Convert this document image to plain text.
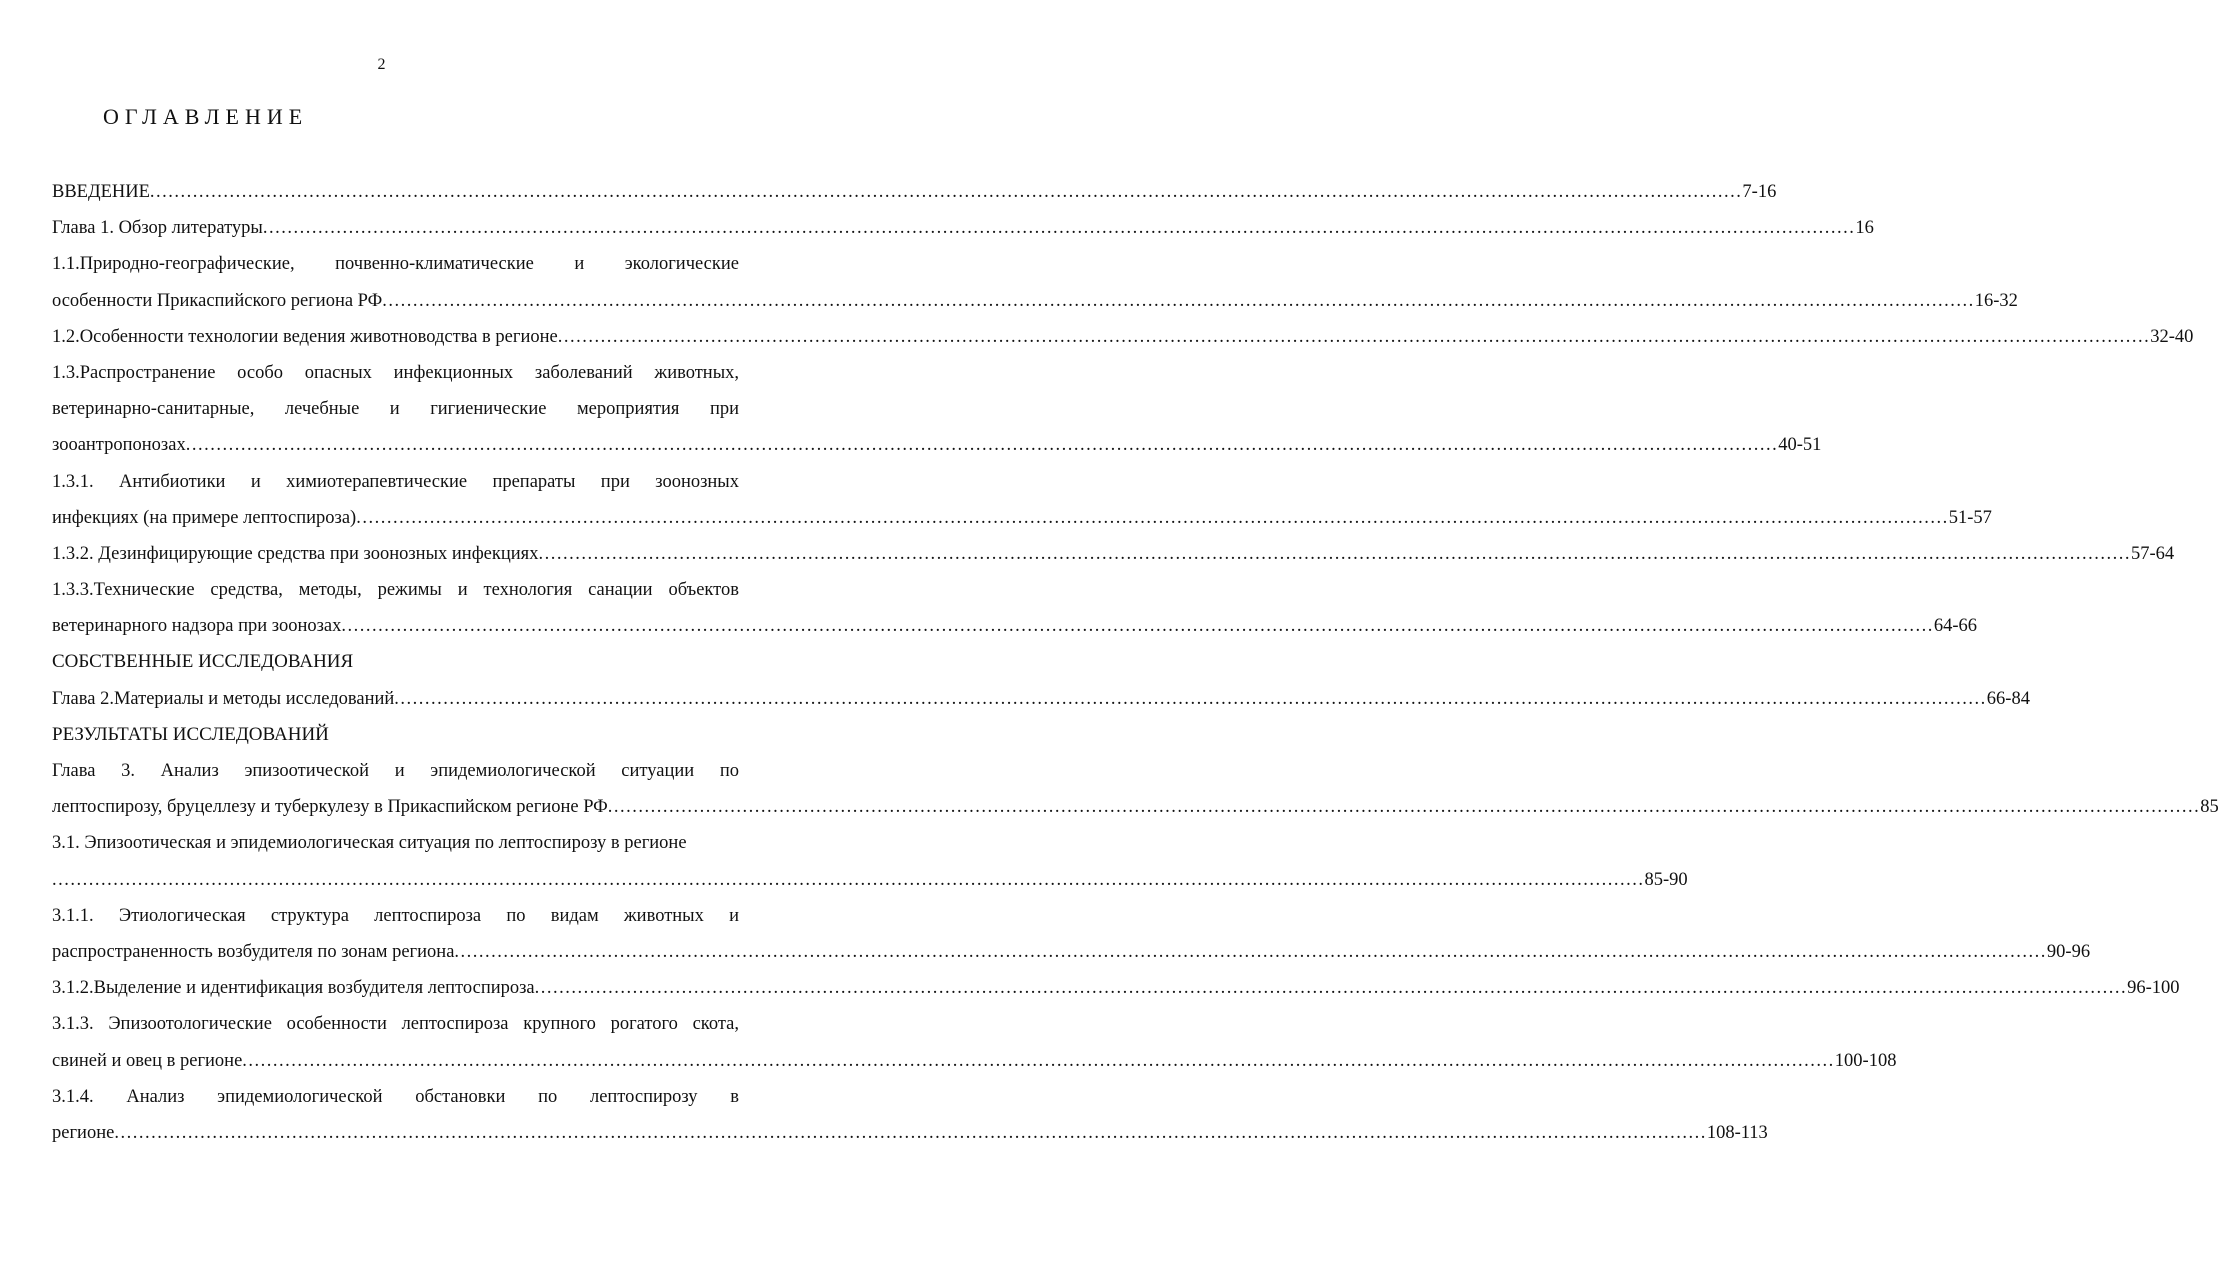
2
ОГЛАВЛЕНИЕ
ВВЕДЕНИЕ .................................................................................................................................................................................................................................................................... 7-16
Глава 1. Обзор литературы .................................................................................................................................................................................................................................................................... 16
1.1.Природно-географические, почвенно-климатические и экологические
особенности Прикаспийского региона РФ .................................................................................................................................................................................................................................................................... 16-32
1.2.Особенности технологии ведения животноводства в регионе .................................................................................................................................................................................................................................................................... 32-40
1.3.Распространение особо опасных инфекционных заболеваний животных,
ветеринарно-санитарные, лечебные и гигиенические мероприятия при
зооантропонозах .................................................................................................................................................................................................................................................................... 40-51
1.3.1. Антибиотики и химиотерапевтические препараты при зоонозных
инфекциях (на примере лептоспироза) .................................................................................................................................................................................................................................................................... 51-57
1.3.2. Дезинфицирующие средства при зоонозных инфекциях .................................................................................................................................................................................................................................................................... 57-64
1.3.3.Технические средства, методы, режимы и технология санации объектов
ветеринарного надзора при зоонозах .................................................................................................................................................................................................................................................................... 64-66
СОБСТВЕННЫЕ ИССЛЕДОВАНИЯ
Глава 2.Материалы и методы исследований .................................................................................................................................................................................................................................................................... 66-84
РЕЗУЛЬТАТЫ ИССЛЕДОВАНИЙ
Глава 3. Анализ эпизоотической и эпидемиологической ситуации по
лептоспирозу, бруцеллезу и туберкулезу в Прикаспийском регионе РФ .................................................................................................................................................................................................................................................................... 85
3.1. Эпизоотическая и эпидемиологическая ситуация по лептоспирозу в регионе
.................................................................................................................................................................................................................................................................... 85-90
3.1.1. Этиологическая структура лептоспироза по видам животных и
распространенность возбудителя по зонам региона .................................................................................................................................................................................................................................................................... 90-96
3.1.2.Выделение и идентификация возбудителя лептоспироза .................................................................................................................................................................................................................................................................... 96-100
3.1.3. Эпизоотологические особенности лептоспироза крупного рогатого скота,
свиней и овец в регионе .................................................................................................................................................................................................................................................................... 100-108
3.1.4. Анализ эпидемиологической обстановки по лептоспирозу в
регионе .................................................................................................................................................................................................................................................................... 108-113
